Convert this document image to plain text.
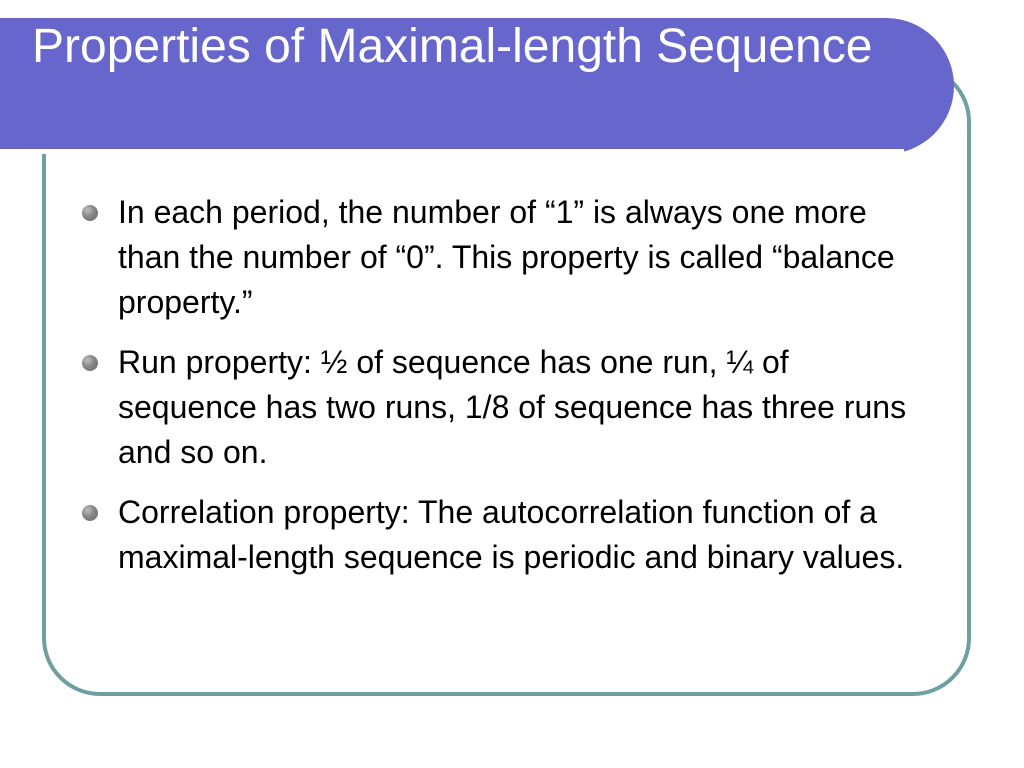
Properties of Maximal-length Sequence
In each period, the number of “1” is always one more than the number of “0”. This property is called “balance property.”
Run property: ½ of sequence has one run, ¼ of sequence has two runs, 1/8 of sequence has three runs and so on.
Correlation property: The autocorrelation function of a maximal-length sequence is periodic and binary values.
